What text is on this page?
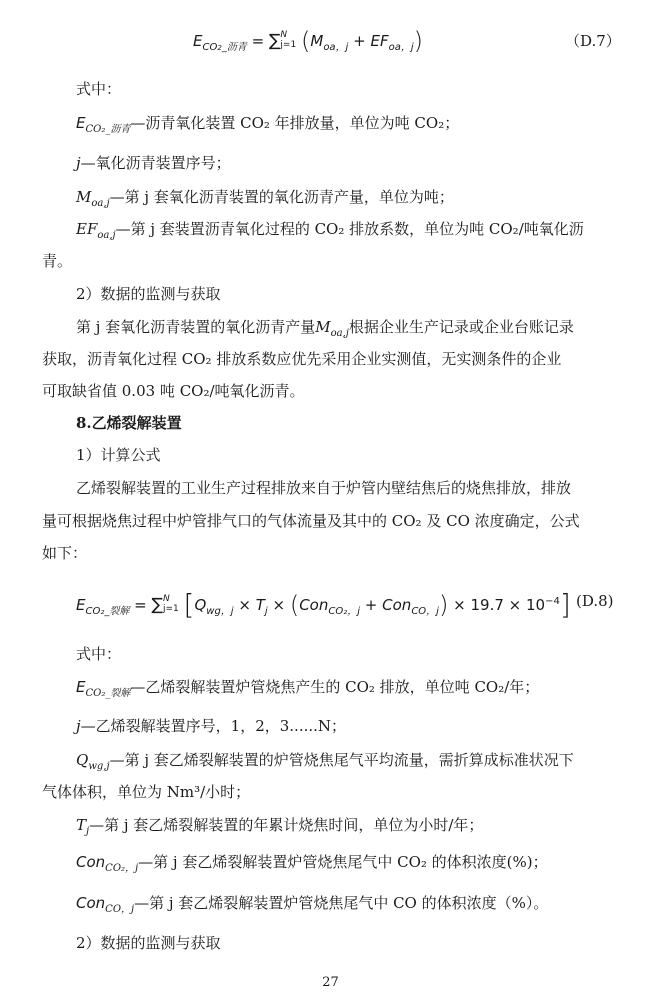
$E_{CO2\_沥青}$ = ∑ N
j=1 $(M_{oa,j} + EF_{oa,j})$	（D.7）
式中：
$E_{CO_2\_沥青}—$沥青氧化装置 CO₂ 年排放量，单位为吨 CO₂；
j—氧化沥青装置序号；
$M_{oa,j}—$第 j 套氧化沥青装置的氧化沥青产量，单位为吨；
$EF_{oa,j}—$第 j 套装置沥青氧化过程的 CO₂ 排放系数，单位为吨 CO₂/吨氧化沥
青。
2）数据的监测与获取
第 j 套氧化沥青装置的氧化沥青产量$M_{oa,j}$根据企业生产记录或企业台账记录
获取，沥青氧化过程 CO₂ 排放系数应优先采用企业实测值，无实测条件的企业
可取缺省值 0.03 吨 CO₂/吨氧化沥青。
8.乙烯裂解装置
1）计算公式
乙烯裂解装置的工业生产过程排放来自于炉管内壁结焦后的烧焦排放，排放
量可根据烧焦过程中炉管排气口的气体流量及其中的 CO₂ 及 CO 浓度确定，公式
如下：
$E_{CO_2\_裂解}$ = ∑ N
j=1 $[Q_{wg,j} \times T_j \times (Con_{CO_2,j} + Con_{CO,j}) \times 19.7 \times 10^{-4}]$ (D.8)
式中：
$E_{CO_2\_裂解}—$乙烯裂解装置炉管烧焦产生的 CO₂ 排放，单位吨 CO₂/年；
j—乙烯裂解装置序号，1，2，3......N；
$Q_{wg,j}—$第 j 套乙烯裂解装置的炉管烧焦尾气平均流量，需折算成标准状况下
气体体积，单位为 Nm³/小时；
$T_j—$第 j 套乙烯裂解装置的年累计烧焦时间，单位为小时/年；
Con$_{CO_2,j}$—第 j 套乙烯裂解装置炉管烧焦尾气中 CO₂ 的体积浓度(%)；
Con$_{CO,j}$—第 j 套乙烯裂解装置炉管烧焦尾气中 CO 的体积浓度（%）。
2）数据的监测与获取
27
